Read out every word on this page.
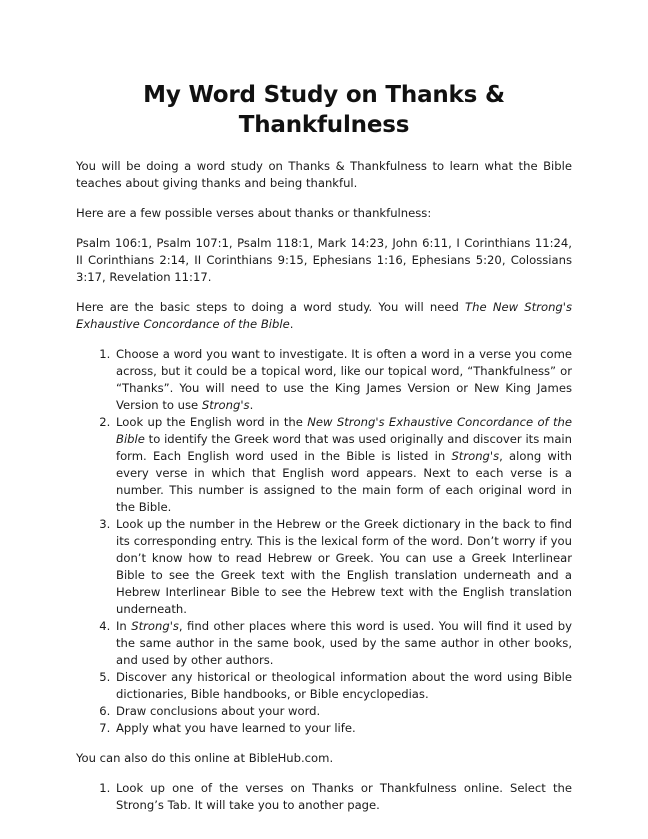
My Word Study on Thanks &
Thankfulness

You will be doing a word study on Thanks & Thankfulness to learn what the Bible teaches about giving thanks and being thankful.

Here are a few possible verses about thanks or thankfulness:

Psalm 106:1, Psalm 107:1, Psalm 118:1, Mark 14:23, John 6:11, I Corinthians 11:24, II Corinthians 2:14, II Corinthians 9:15, Ephesians 1:16, Ephesians 5:20, Colossians 3:17, Revelation 11:17.

Here are the basic steps to doing a word study. You will need The New Strong's Exhaustive Concordance of the Bible.

1. Choose a word you want to investigate. It is often a word in a verse you come across, but it could be a topical word, like our topical word, “Thankfulness” or “Thanks”. You will need to use the King James Version or New King James Version to use Strong's.
2. Look up the English word in the New Strong's Exhaustive Concordance of the Bible to identify the Greek word that was used originally and discover its main form. Each English word used in the Bible is listed in Strong's, along with every verse in which that English word appears. Next to each verse is a number. This number is assigned to the main form of each original word in the Bible.
3. Look up the number in the Hebrew or the Greek dictionary in the back to find its corresponding entry. This is the lexical form of the word. Don’t worry if you don’t know how to read Hebrew or Greek. You can use a Greek Interlinear Bible to see the Greek text with the English translation underneath and a Hebrew Interlinear Bible to see the Hebrew text with the English translation underneath.
4. In Strong's, find other places where this word is used. You will find it used by the same author in the same book, used by the same author in other books, and used by other authors.
5. Discover any historical or theological information about the word using Bible dictionaries, Bible handbooks, or Bible encyclopedias.
6. Draw conclusions about your word.
7. Apply what you have learned to your life.

You can also do this online at BibleHub.com.

1. Look up one of the verses on Thanks or Thankfulness online. Select the Strong’s Tab. It will take you to another page.
